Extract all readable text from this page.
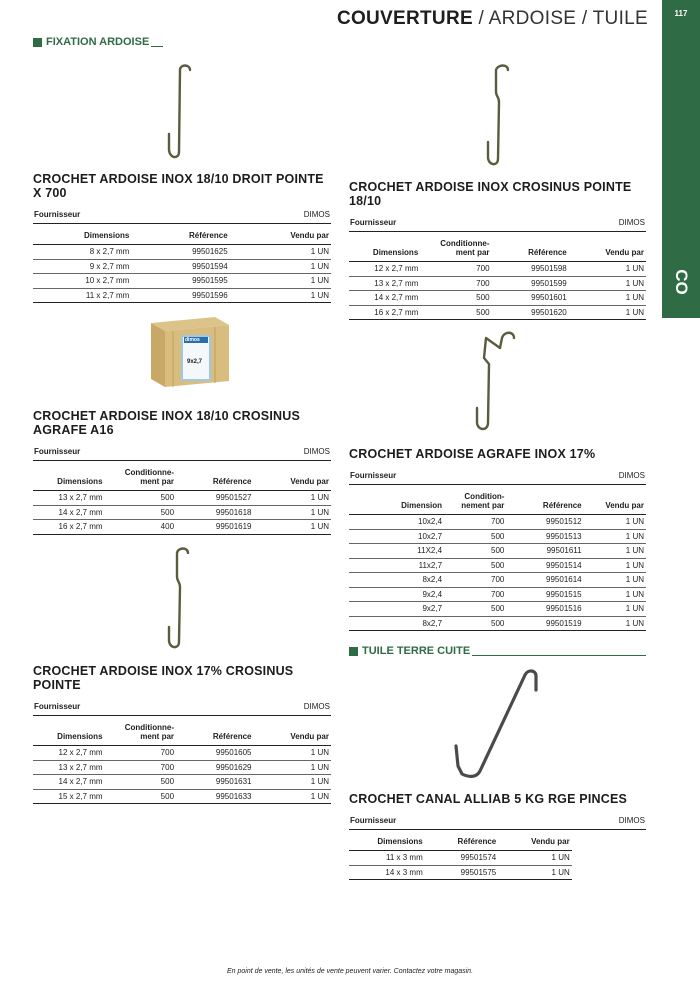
COUVERTURE / ARDOISE / TUILE	117
CO
FIXATION ARDOISE
TUILE TERRE CUITE
dimos
9x2,7
CROCHET ARDOISE INOX 18/10 DROIT POINTE X 700
Fournisseur	DIMOS
Dimensions	Référence	Vendu par
8 x 2,7 mm	99501625	1 UN
9 x 2,7 mm	99501594	1 UN
10 x 2,7 mm	99501595	1 UN
11 x 2,7 mm	99501596	1 UN
CROCHET ARDOISE INOX CROSINUS POINTE 18/10
Fournisseur	DIMOS
Dimensions	Conditionne-ment par	Référence	Vendu par
12 x 2,7 mm	700	99501598	1 UN
13 x 2,7 mm	700	99501599	1 UN
14 x 2,7 mm	500	99501601	1 UN
16 x 2,7 mm	500	99501620	1 UN
CROCHET ARDOISE INOX 18/10 CROSINUS AGRAFE A16
Fournisseur	DIMOS
Dimensions	Conditionne-ment par	Référence	Vendu par
13 x 2,7 mm	500	99501527	1 UN
14 x 2,7 mm	500	99501618	1 UN
16 x 2,7 mm	400	99501619	1 UN
CROCHET ARDOISE AGRAFE INOX 17%
Fournisseur	DIMOS
Dimension	Condition-nement par	Référence	Vendu par
10x2,4	700	99501512	1 UN
10x2,7	500	99501513	1 UN
11X2,4	500	99501611	1 UN
11x2,7	500	99501514	1 UN
8x2,4	700	99501614	1 UN
9x2,4	700	99501515	1 UN
9x2,7	500	99501516	1 UN
8x2,7	500	99501519	1 UN
CROCHET ARDOISE INOX 17% CROSINUS POINTE
Fournisseur	DIMOS
Dimensions	Conditionne-ment par	Référence	Vendu par
12 x 2,7 mm	700	99501605	1 UN
13 x 2,7 mm	700	99501629	1 UN
14 x 2,7 mm	500	99501631	1 UN
15 x 2,7 mm	500	99501633	1 UN CROCHET CANAL ALLIAB 5 KG RGE PINCES
Fournisseur	DIMOS
Dimensions	Référence	Vendu par
11 x 3 mm	99501574	1 UN
14 x 3 mm	99501575	1 UN
En point de vente, les unités de vente peuvent varier. Contactez votre magasin.
